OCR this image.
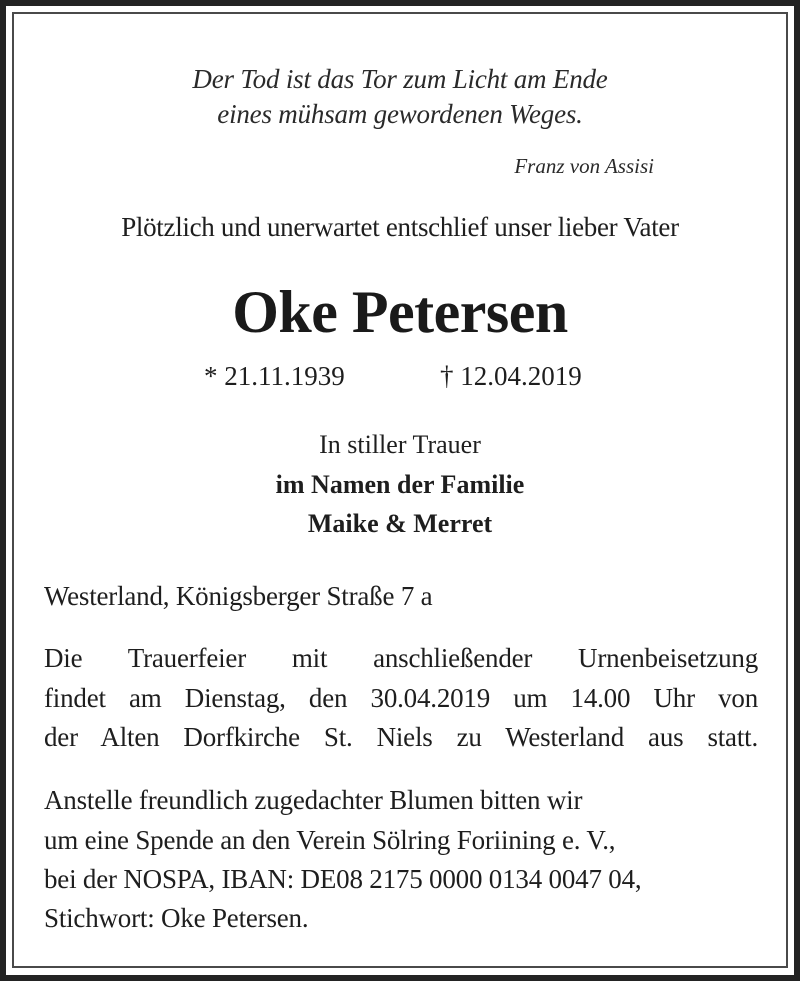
Der Tod ist das Tor zum Licht am Ende
eines mühsam gewordenen Weges.
Franz von Assisi
Plötzlich und unerwartet entschlief unser lieber Vater
Oke Petersen
* 21.11.1939	† 12.04.2019
In stiller Trauer
im Namen der Familie
Maike & Merret
Westerland, Königsberger Straße 7 a
Die Trauerfeier mit anschließender Urnenbeisetzung
findet am Dienstag, den 30.04.2019 um 14.00 Uhr von
der Alten Dorfkirche St. Niels zu Westerland aus statt.
Anstelle freundlich zugedachter Blumen bitten wir
um eine Spende an den Verein Sölring Foriining e. V.,
bei der NOSPA, IBAN: DE08 2175 0000 0134 0047 04,
Stichwort: Oke Petersen.
